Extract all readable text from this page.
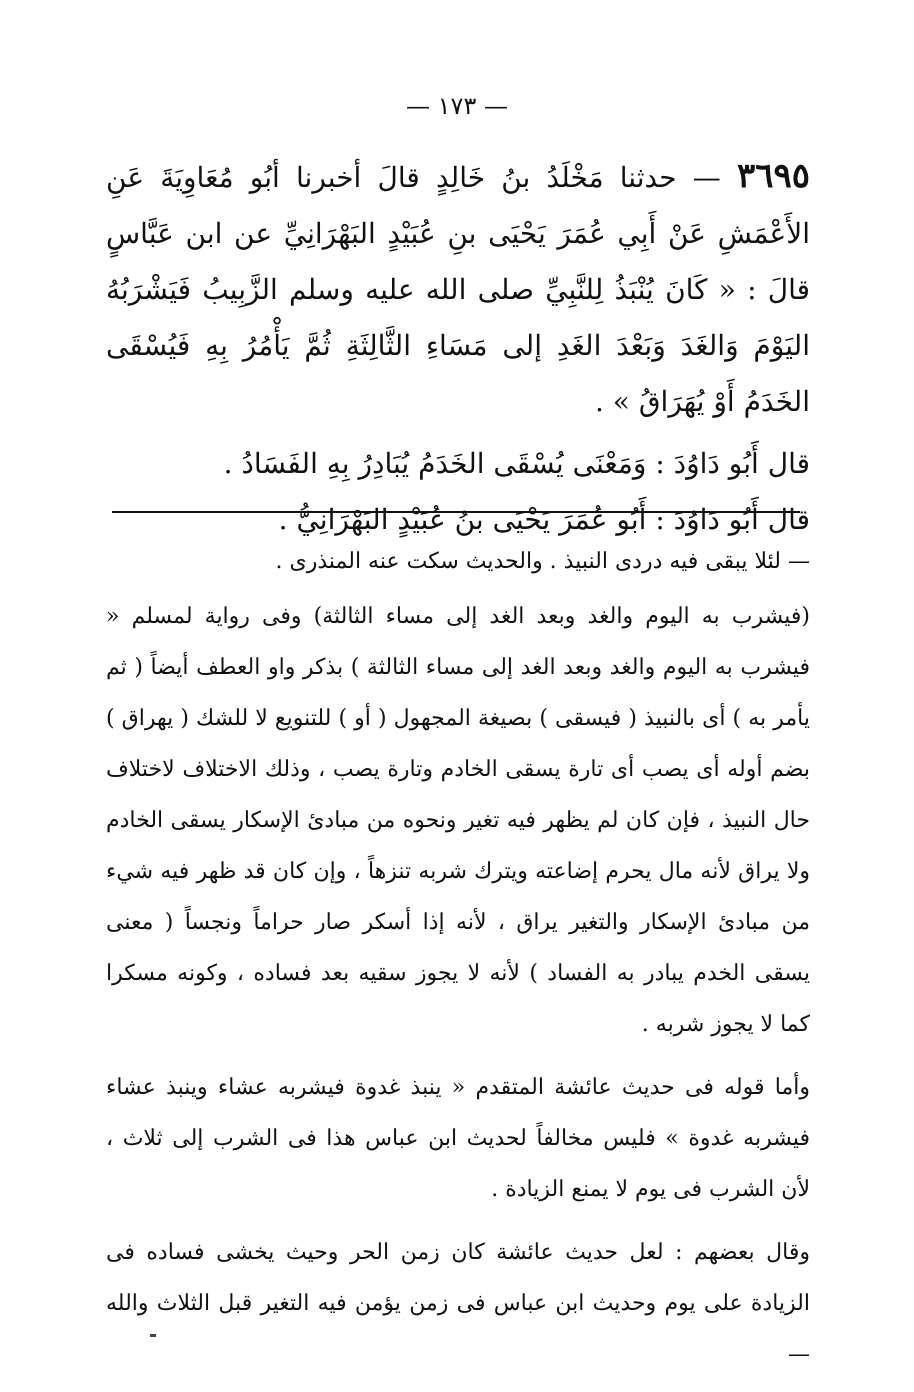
— ١٧٣ —

٣٦٩٥ — حدثنا مَخْلَدُ بنُ خَالِدٍ قالَ أخبرنا أبُو مُعَاوِيَةَ عَنِ الأَعْمَشِ عَنْ أَبِي عُمَرَ يَحْيَى بنِ عُبَيْدٍ البَهْرَانِيِّ عن ابن عَبَّاسٍ قالَ : « كَانَ يُنْبَذُ لِلنَّبِيِّ صلى الله عليه وسلم الزَّبِيبُ فَيَشْرَبُهُ اليَوْمَ وَالغَدَ وَبَعْدَ الغَدِ إلى مَسَاءِ الثَّالِثَةِ ثُمَّ يَأْمُرُ بِهِ فَيُسْقَى الخَدَمُ أَوْ يُهَرَاقُ » .

قال أَبُو دَاوُدَ : وَمَعْنَى يُسْقَى الخَدَمُ يُبَادِرُ بِهِ الفَسَادُ .

قال أَبُو دَاوُدَ : أَبُو عُمَرَ يَحْيَى بنُ عُبَيْدٍ البَهْرَانِيُّ .

— لئلا يبقى فيه دردى النبيذ . والحديث سكت عنه المنذرى .

(فيشرب به اليوم والغد وبعد الغد إلى مساء الثالثة) وفى رواية لمسلم « فيشرب به اليوم والغد وبعد الغد إلى مساء الثالثة ) بذكر واو العطف أيضاً ( ثم يأمر به ) أى بالنبيذ ( فيسقى ) بصيغة المجهول ( أو ) للتنويع لا للشك ( يهراق ) بضم أوله أى يصب أى تارة يسقى الخادم وتارة يصب ، وذلك الاختلاف لاختلاف حال النبيذ ، فإن كان لم يظهر فيه تغير ونحوه من مبادئ الإسكار يسقى الخادم ولا يراق لأنه مال يحرم إضاعته ويترك شربه تنزهاً ، وإن كان قد ظهر فيه شيء من مبادئ الإسكار والتغير يراق ، لأنه إذا أسكر صار حراماً ونجساً ( معنى يسقى الخدم يبادر به الفساد ) لأنه لا يجوز سقيه بعد فساده ، وكونه مسكرا كما لا يجوز شربه .

وأما قوله فى حديث عائشة المتقدم « ينبذ غدوة فيشربه عشاء وينبذ عشاء فيشربه غدوة » فليس مخالفاً لحديث ابن عباس هذا فى الشرب إلى ثلاث ، لأن الشرب فى يوم لا يمنع الزيادة .

وقال بعضهم : لعل حديث عائشة كان زمن الحر وحيث يخشى فساده فى الزيادة على يوم وحديث ابن عباس فى زمن يؤمن فيه التغير قبل الثلاث والله —
